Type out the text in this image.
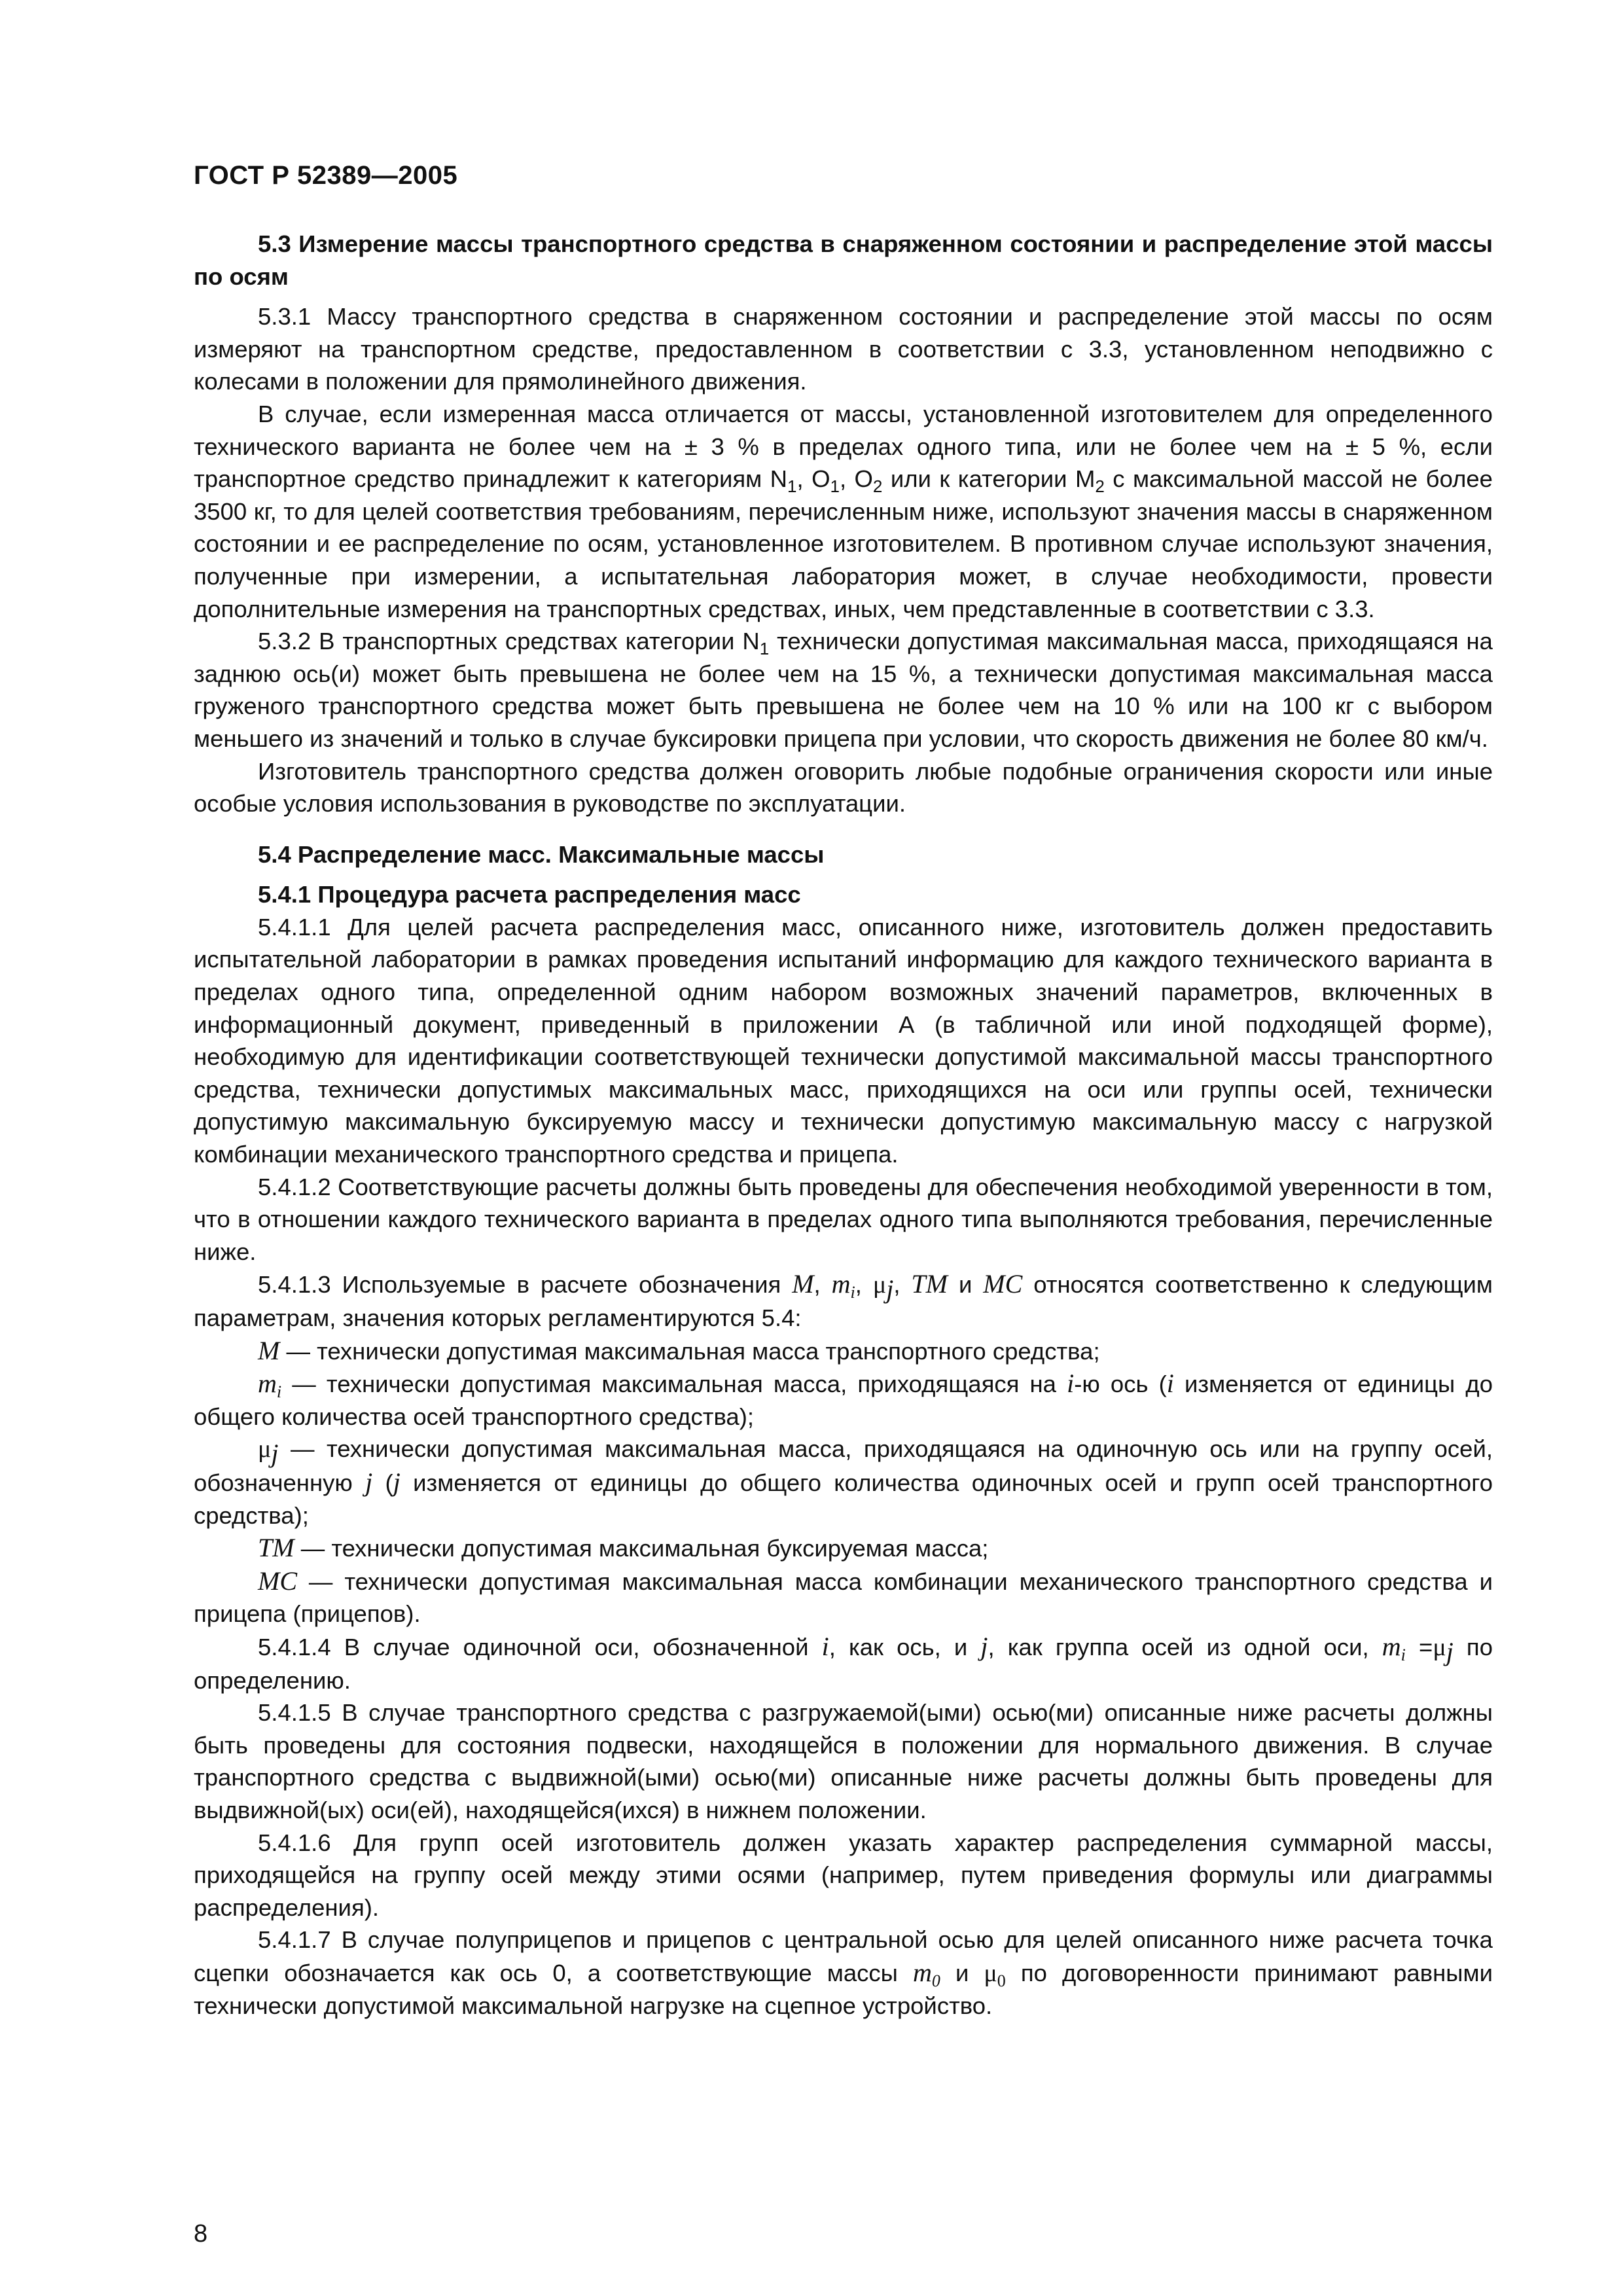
ГОСТ Р 52389—2005

5.3 Измерение массы транспортного средства в снаряженном состоянии и распределение этой массы по осям

5.3.1 Массу транспортного средства в снаряженном состоянии и распределение этой массы по осям измеряют на транспортном средстве, предоставленном в соответствии с 3.3, установленном неподвижно с колесами в положении для прямолинейного движения.

В случае, если измеренная масса отличается от массы, установленной изготовителем для определенного технического варианта не более чем на ± 3 % в пределах одного типа, или не более чем на ± 5 %, если транспортное средство принадлежит к категориям $N_1$, $O_1$, $O_2$ или к категории $M_2$ с максимальной массой не более 3500 кг, то для целей соответствия требованиям, перечисленным ниже, используют значения массы в снаряженном состоянии и ее распределение по осям, установленное изготовителем. В противном случае используют значения, полученные при измерении, а испытательная лаборатория может, в случае необходимости, провести дополнительные измерения на транспортных средствах, иных, чем представленные в соответствии с 3.3.

5.3.2 В транспортных средствах категории $N_1$ технически допустимая максимальная масса, приходящаяся на заднюю ось(и) может быть превышена не более чем на 15 %, а технически допустимая максимальная масса груженого транспортного средства может быть превышена не более чем на 10 % или на 100 кг с выбором меньшего из значений и только в случае буксировки прицепа при условии, что скорость движения не более 80 км/ч.

Изготовитель транспортного средства должен оговорить любые подобные ограничения скорости или иные особые условия использования в руководстве по эксплуатации.

5.4 Распределение масс. Максимальные массы

5.4.1 Процедура расчета распределения масс

5.4.1.1 Для целей расчета распределения масс, описанного ниже, изготовитель должен предоставить испытательной лаборатории в рамках проведения испытаний информацию для каждого технического варианта в пределах одного типа, определенной одним набором возможных значений параметров, включенных в информационный документ, приведенный в приложении А (в табличной или иной подходящей форме), необходимую для идентификации соответствующей технически допустимой максимальной массы транспортного средства, технически допустимых максимальных масс, приходящихся на оси или группы осей, технически допустимую максимальную буксируемую массу и технически допустимую максимальную массу с нагрузкой комбинации механического транспортного средства и прицепа.

5.4.1.2 Соответствующие расчеты должны быть проведены для обеспечения необходимой уверенности в том, что в отношении каждого технического варианта в пределах одного типа выполняются требования, перечисленные ниже.

5.4.1.3 Используемые в расчете обозначения M, $m_i$, $\mu_j$, TM и MC относятся соответственно к следующим параметрам, значения которых регламентируются 5.4:

M — технически допустимая максимальная масса транспортного средства;

$m_i$ — технически допустимая максимальная масса, приходящаяся на i-ю ось (i изменяется от единицы до общего количества осей транспортного средства);

$\mu_j$ — технически допустимая максимальная масса, приходящаяся на одиночную ось или на группу осей, обозначенную j (j изменяется от единицы до общего количества одиночных осей и групп осей транспортного средства);

TM — технически допустимая максимальная буксируемая масса;

MC — технически допустимая максимальная масса комбинации механического транспортного средства и прицепа (прицепов).

5.4.1.4 В случае одиночной оси, обозначенной i, как ось, и j, как группа осей из одной оси, $m_i =\mu_j$ по определению.

5.4.1.5 В случае транспортного средства с разгружаемой(ыми) осью(ми) описанные ниже расчеты должны быть проведены для состояния подвески, находящейся в положении для нормального движения. В случае транспортного средства с выдвижной(ыми) осью(ми) описанные ниже расчеты должны быть проведены для выдвижной(ых) оси(ей), находящейся(ихся) в нижнем положении.

5.4.1.6 Для групп осей изготовитель должен указать характер распределения суммарной массы, приходящейся на группу осей между этими осями (например, путем приведения формулы или диаграммы распределения).

5.4.1.7 В случае полуприцепов и прицепов с центральной осью для целей описанного ниже расчета точка сцепки обозначается как ось 0, а соответствующие массы $m_0$ и $\mu_0$ по договоренности принимают равными технически допустимой максимальной нагрузке на сцепное устройство.

8
